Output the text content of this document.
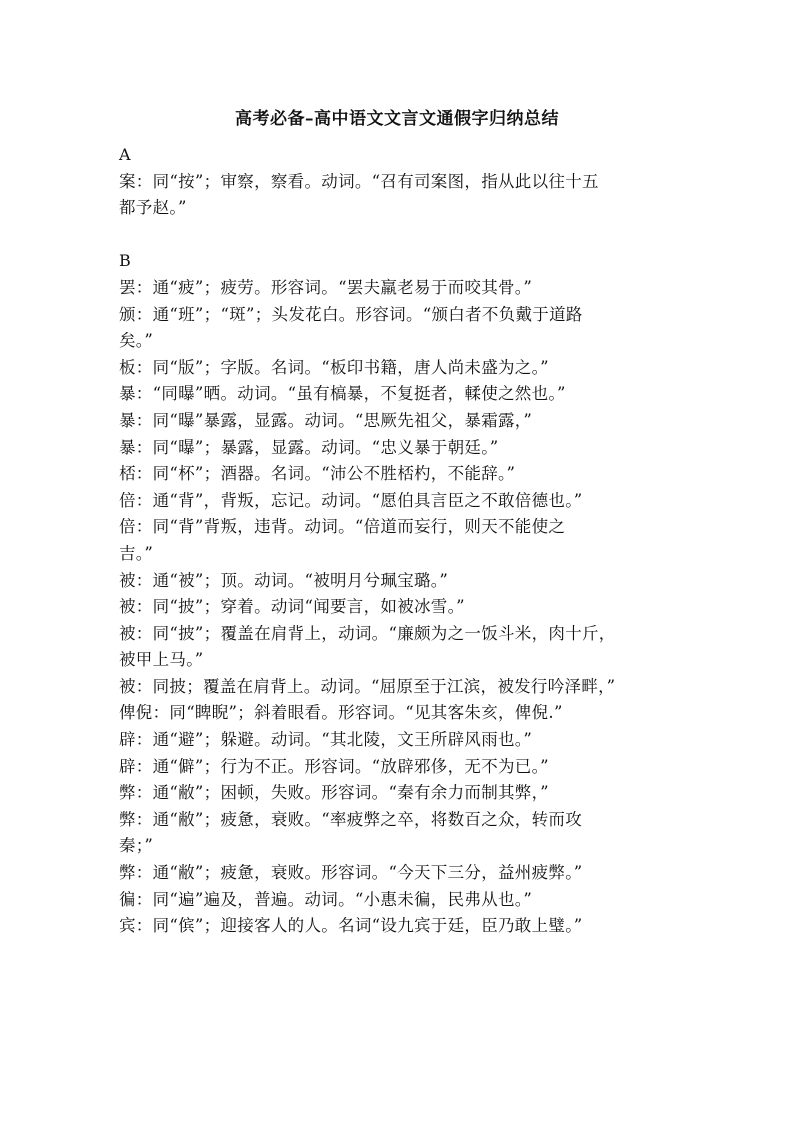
高考必备–高中语文文言文通假字归纳总结
A
案：同“按”；审察，察看。动词。“召有司案图，指从此以往十五
都予赵。”
B
罢：通“疲”；疲劳。形容词。“罢夫羸老易于而咬其骨。”
颁：通“班”；“斑”；头发花白。形容词。“颁白者不负戴于道路
矣。”
板：同“版”；字版。名词。“板印书籍，唐人尚未盛为之。”
暴：“同曝”晒。动词。“虽有槁暴，不复挺者，輮使之然也。”
暴：同“曝”暴露，显露。动词。“思厥先祖父，暴霜露，”
暴：同“曝”；暴露，显露。动词。“忠义暴于朝廷。”
桮：同“杯”；酒器。名词。“沛公不胜桮杓，不能辞。”
倍：通“背”，背叛，忘记。动词。“愿伯具言臣之不敢倍德也。”
倍：同“背”背叛，违背。动词。“倍道而妄行，则天不能使之
吉。”
被：通“被”；顶。动词。“被明月兮珮宝璐。”
被：同“披”；穿着。动词“闻要言，如被冰雪。”
被：同“披”；覆盖在肩背上，动词。“廉颇为之一饭斗米，肉十斤，
被甲上马。”
被：同披；覆盖在肩背上。动词。“屈原至于江滨，被发行吟泽畔，”
俾倪：同“睥睨”；斜着眼看。形容词。“见其客朱亥，俾倪.”
辟：通“避”；躲避。动词。“其北陵，文王所辟风雨也。”
辟：通“僻”；行为不正。形容词。“放辟邪侈，无不为已。”
弊：通“敝”；困顿，失败。形容词。“秦有余力而制其弊，”
弊：通“敝”；疲惫，衰败。“率疲弊之卒，将数百之众，转而攻
秦；”
弊：通“敝”；疲惫，衰败。形容词。“今天下三分，益州疲弊。”
徧：同“遍”遍及，普遍。动词。“小惠未徧，民弗从也。”
宾：同“傧”；迎接客人的人。名词“设九宾于廷，臣乃敢上璧。”
